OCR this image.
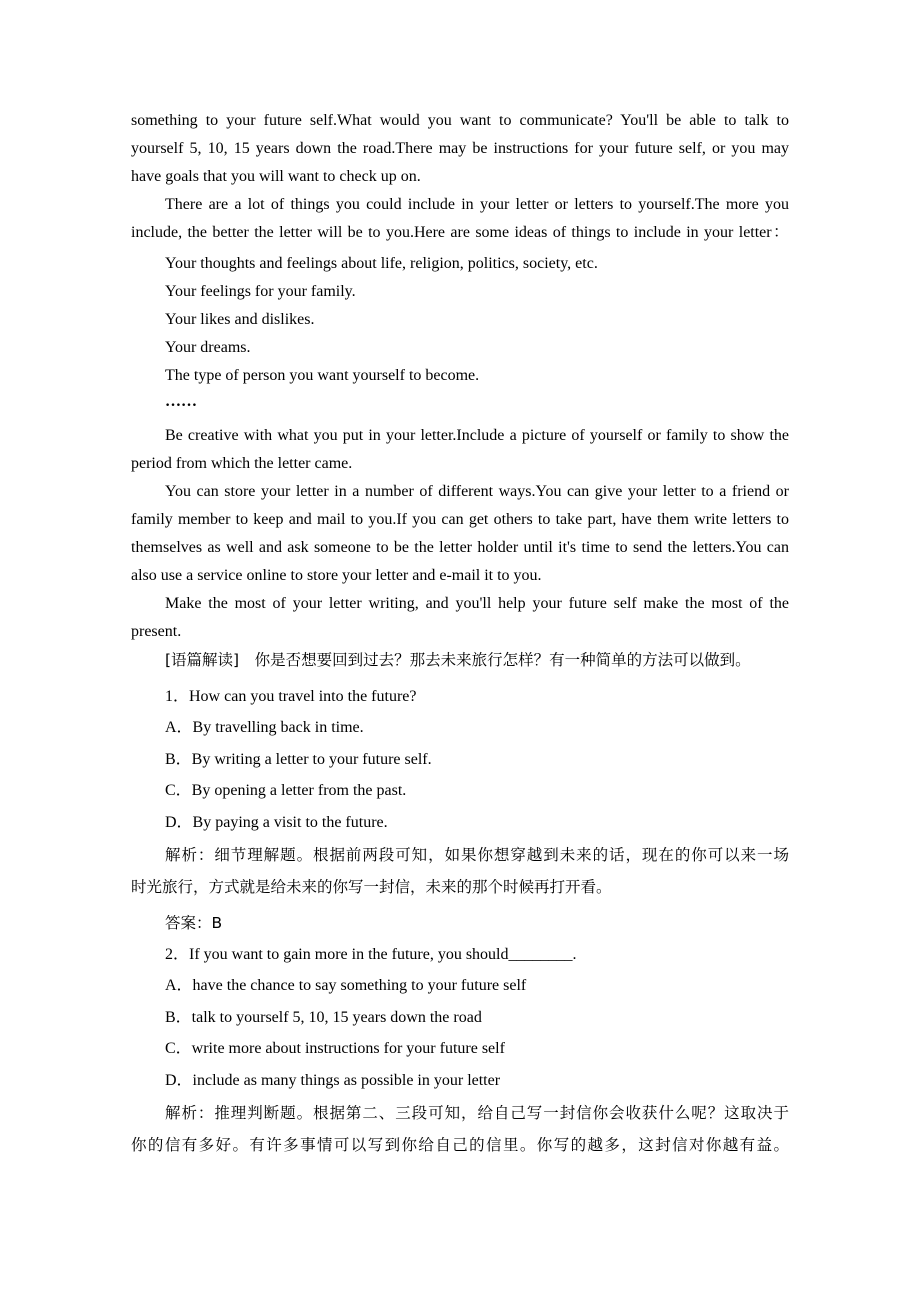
something to your future self.What would you want to communicate? You'll be able to talk to
yourself 5, 10, 15 years down the road.There may be instructions for your future self, or you may
have goals that you will want to check up on.
There are a lot of things you could include in your letter or letters to yourself.The more you
include, the better the letter will be to you.Here are some ideas of things to include in your letter：
Your thoughts and feelings about life, religion, politics, society, etc.
Your feelings for your family.
Your likes and dislikes.
Your dreams.
The type of person you want yourself to become.
……
Be creative with what you put in your letter.Include a picture of yourself or family to show the
period from which the letter came.
You can store your letter in a number of different ways.You can give your letter to a friend or
family member to keep and mail to you.If you can get others to take part, have them write letters to
themselves as well and ask someone to be the letter holder until it's time to send the letters.You can
also use a service online to store your letter and e-mail it to you.
Make the most of your letter writing, and you'll help your future self make the most of the
present.
[语篇解读]　你是否想要回到过去？那去未来旅行怎样？有一种简单的方法可以做到。
1．How can you travel into the future?
A．By travelling back in time.
B．By writing a letter to your future self.
C．By opening a letter from the past.
D．By paying a visit to the future.
解析：细节理解题。根据前两段可知，如果你想穿越到未来的话，现在的你可以来一场
时光旅行，方式就是给未来的你写一封信，未来的那个时候再打开看。
答案：B
2．If you want to gain more in the future, you should________.
A．have the chance to say something to your future self
B．talk to yourself 5, 10, 15 years down the road
C．write more about instructions for your future self
D．include as many things as possible in your letter
解析：推理判断题。根据第二、三段可知，给自己写一封信你会收获什么呢？这取决于
你的信有多好。有许多事情可以写到你给自己的信里。你写的越多，这封信对你越有益。
